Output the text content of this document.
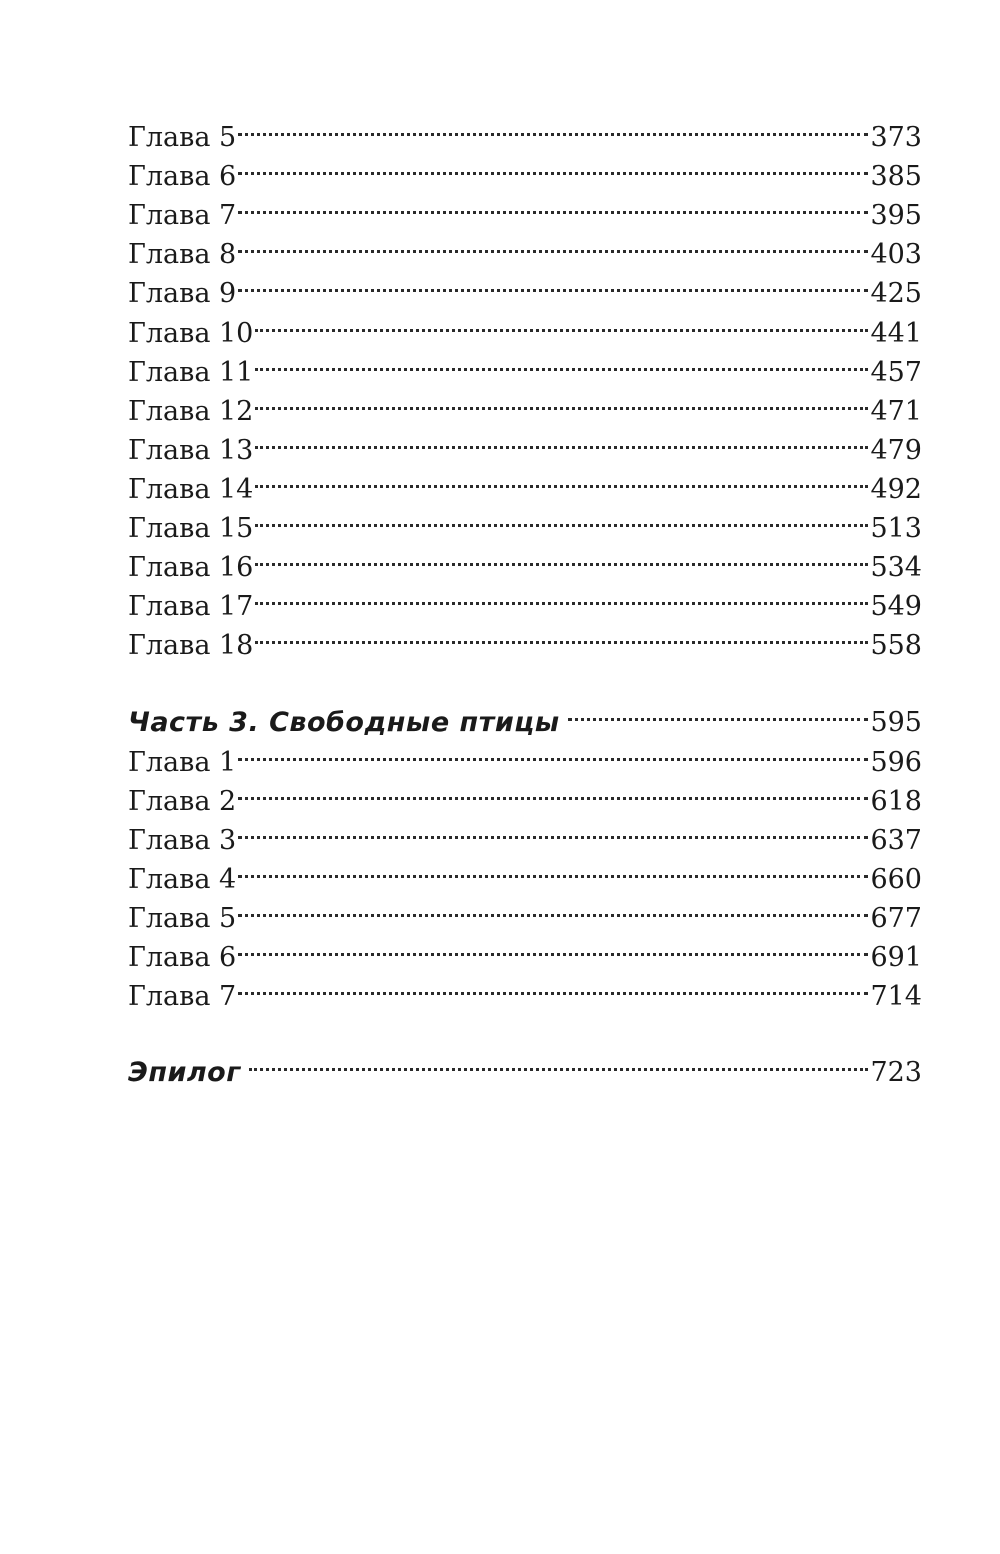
Глава 5	373
Глава 6	385
Глава 7	395
Глава 8	403
Глава 9	425
Глава 10	441
Глава 11	457
Глава 12	471
Глава 13	479
Глава 14	492
Глава 15	513
Глава 16	534
Глава 17	549
Глава 18	558
Часть 3. Свободные птицы	595
Глава 1	596
Глава 2	618
Глава 3	637
Глава 4	660
Глава 5	677
Глава 6	691
Глава 7	714
Эпилог	723
